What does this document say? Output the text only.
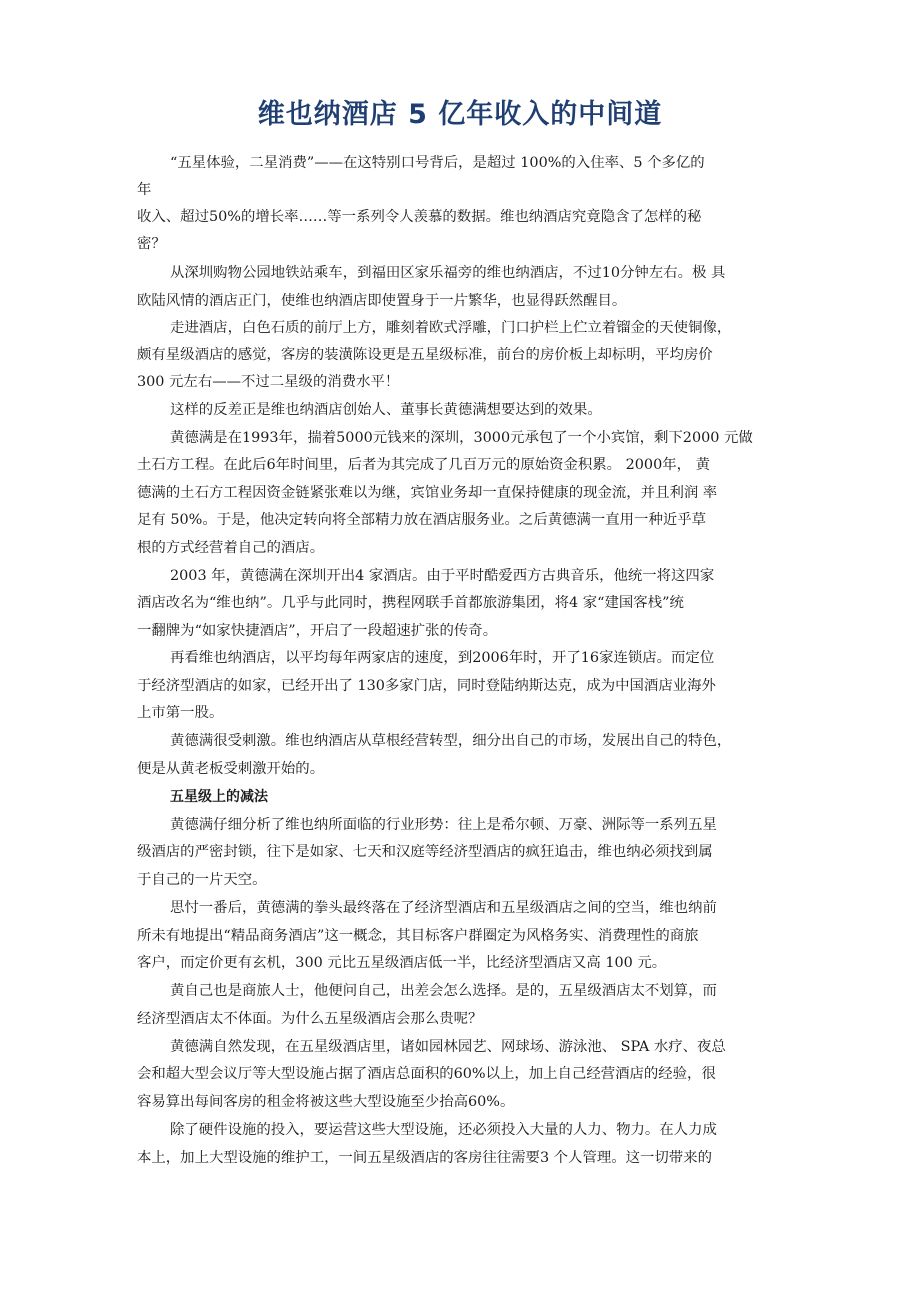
维也纳酒店 5 亿年收入的中间道
“五星体验，二星消费”——在这特别口号背后，是超过 100%的入住率、5 个多亿的
年
收入、超过50%的增长率……等一系列令人羡慕的数据。维也纳酒店究竟隐含了怎样的秘
密？
从深圳购物公园地铁站乘车，到福田区家乐福旁的维也纳酒店，不过10分钟左右。极 具
欧陆风情的酒店正门，使维也纳酒店即使置身于一片繁华，也显得跃然醒目。
走进酒店，白色石质的前厅上方，雕刻着欧式浮雕，门口护栏上伫立着镏金的天使铜像，
颇有星级酒店的感觉，客房的装潢陈设更是五星级标准，前台的房价板上却标明，平均房价
300 元左右——不过二星级的消费水平！
这样的反差正是维也纳酒店创始人、董事长黄德满想要达到的效果。
黄德满是在1993年，揣着5000元钱来的深圳，3000元承包了一个小宾馆，剩下2000 元做
土石方工程。在此后6年时间里，后者为其完成了几百万元的原始资金积累。 2000年， 黄
德满的土石方工程因资金链紧张难以为继，宾馆业务却一直保持健康的现金流，并且利润 率
足有 50%。于是，他决定转向将全部精力放在酒店服务业。之后黄德满一直用一种近乎草
根的方式经营着自己的酒店。
2003 年，黄德满在深圳开出4 家酒店。由于平时酷爱西方古典音乐，他统一将这四家
酒店改名为“维也纳”。几乎与此同时，携程网联手首都旅游集团，将4 家“建国客栈”统
一翻牌为“如家快捷酒店”，开启了一段超速扩张的传奇。
再看维也纳酒店，以平均每年两家店的速度，到2006年时，开了16家连锁店。而定位
于经济型酒店的如家，已经开出了 130多家门店，同时登陆纳斯达克，成为中国酒店业海外
上市第一股。
黄德满很受刺激。维也纳酒店从草根经营转型，细分出自己的市场，发展出自己的特色，
便是从黄老板受刺激开始的。
五星级上的减法
黄德满仔细分析了维也纳所面临的行业形势：往上是希尔顿、万豪、洲际等一系列五星
级酒店的严密封锁，往下是如家、七天和汉庭等经济型酒店的疯狂追击，维也纳必须找到属
于自己的一片天空。
思忖一番后，黄德满的拳头最终落在了经济型酒店和五星级酒店之间的空当，维也纳前
所未有地提出“精品商务酒店”这一概念，其目标客户群圈定为风格务实、消费理性的商旅
客户，而定价更有玄机，300 元比五星级酒店低一半，比经济型酒店又高 100 元。
黄自己也是商旅人士，他便问自己，出差会怎么选择。是的，五星级酒店太不划算，而
经济型酒店太不体面。为什么五星级酒店会那么贵呢？
黄德满自然发现，在五星级酒店里，诸如园林园艺、网球场、游泳池、 SPA 水疗、夜总
会和超大型会议厅等大型设施占据了酒店总面积的60%以上，加上自己经营酒店的经验，很
容易算出每间客房的租金将被这些大型设施至少抬高60%。
除了硬件设施的投入，要运营这些大型设施，还必须投入大量的人力、物力。在人力成
本上，加上大型设施的维护工，一间五星级酒店的客房往往需要3 个人管理。这一切带来的
